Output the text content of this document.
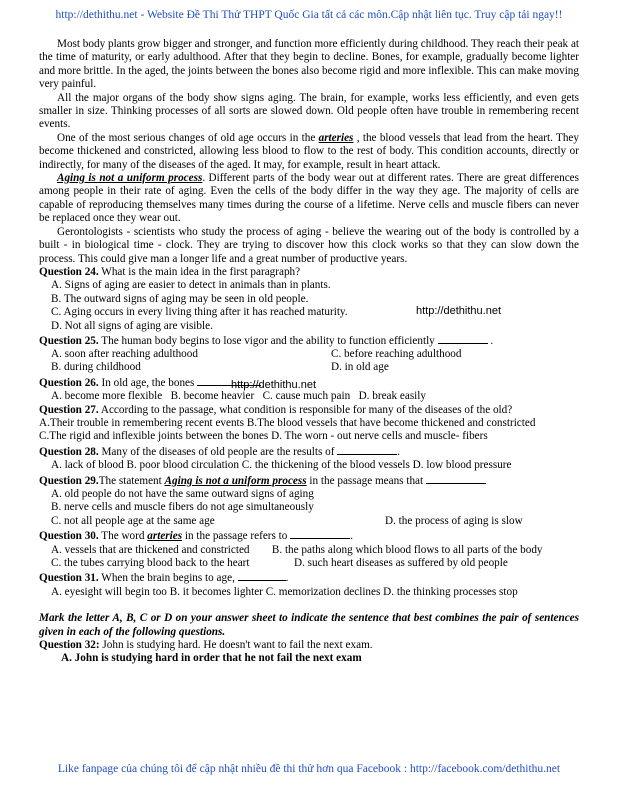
http://dethithu.net - Website Đề Thi Thử THPT Quốc Gia tất cả các môn.Cập nhật liên tục. Truy cập tải ngay!!

Most body plants grow bigger and stronger, and function more efficiently during childhood. They reach their peak at the time of maturity, or early adulthood. After that they begin to decline. Bones, for example, gradually become lighter and more brittle. In the aged, the joints between the bones also become rigid and more inflexible. This can make moving very painful.

All the major organs of the body show signs aging. The brain, for example, works less efficiently, and even gets smaller in size. Thinking processes of all sorts are slowed down. Old people often have trouble in remembering recent events.

One of the most serious changes of old age occurs in the arteries , the blood vessels that lead from the heart. They become thickened and constricted, allowing less blood to flow to the rest of body. This condition accounts, directly or indirectly, for many of the diseases of the aged. It may, for example, result in heart attack.

Aging is not a uniform process. Different parts of the body wear out at different rates. There are great differences among people in their rate of aging. Even the cells of the body differ in the way they age. The majority of cells are capable of reproducing themselves many times during the course of a lifetime. Nerve cells and muscle fibers can never be replaced once they wear out.

Gerontologists - scientists who study the process of aging - believe the wearing out of the body is controlled by a built - in biological time - clock. They are trying to discover how this clock works so that they can slow down the process. This could give man a longer life and a great number of productive years.

Question 24. What is the main idea in the first paragraph?
A. Signs of aging are easier to detect in animals than in plants.
B. The outward signs of aging may be seen in old people.
C. Aging occurs in every living thing after it has reached maturity.
D. Not all signs of aging are visible.
Question 25. The human body begins to lose vigor and the ability to function efficiently	.
A. soon after reaching adulthood	C. before reaching adulthood
B. during childhood	D. in old age
Question 26. In old age, the bones
A. become more flexible B. become heavier C. cause much pain D. break easily
Question 27. According to the passage, what condition is responsible for many of the diseases of the old?
A.Their trouble in remembering recent events B.The blood vessels that have become thickened and constricted
C.The rigid and inflexible joints between the bones D. The worn - out nerve cells and muscle- fibers
Question 28. Many of the diseases of old people are the results of	.
A. lack of blood B. poor blood circulation C. the thickening of the blood vessels D. low blood pressure
Question 29.The statement Aging is not a uniform process in the passage means that
A. old people do not have the same outward signs of aging
B. nerve cells and muscle fibers do not age simultaneously
C. not all people age at the same age	D. the process of aging is slow
Question 30. The word arteries in the passage refers to	.
A. vessels that are thickened and constricted B. the paths along which blood flows to all parts of the body
C. the tubes carrying blood back to the heart	D. such heart diseases as suffered by old people
Question 31. When the brain begins to age,	.
A. eyesight will begin too B. it becomes lighter C. memorization declines D. the thinking processes stop

Mark the letter A, B, C or D on your answer sheet to indicate the sentence that best combines the pair of sentences given in each of the following questions.

Question 32: John is studying hard. He doesn't want to fail the next exam.
A. John is studying hard in order that he not fail the next exam
http://dethithu.net
http://dethithu.net
Like fanpage của chúng tôi để cập nhật nhiều đề thi thử hơn qua Facebook : http://facebook.com/dethithu.net
